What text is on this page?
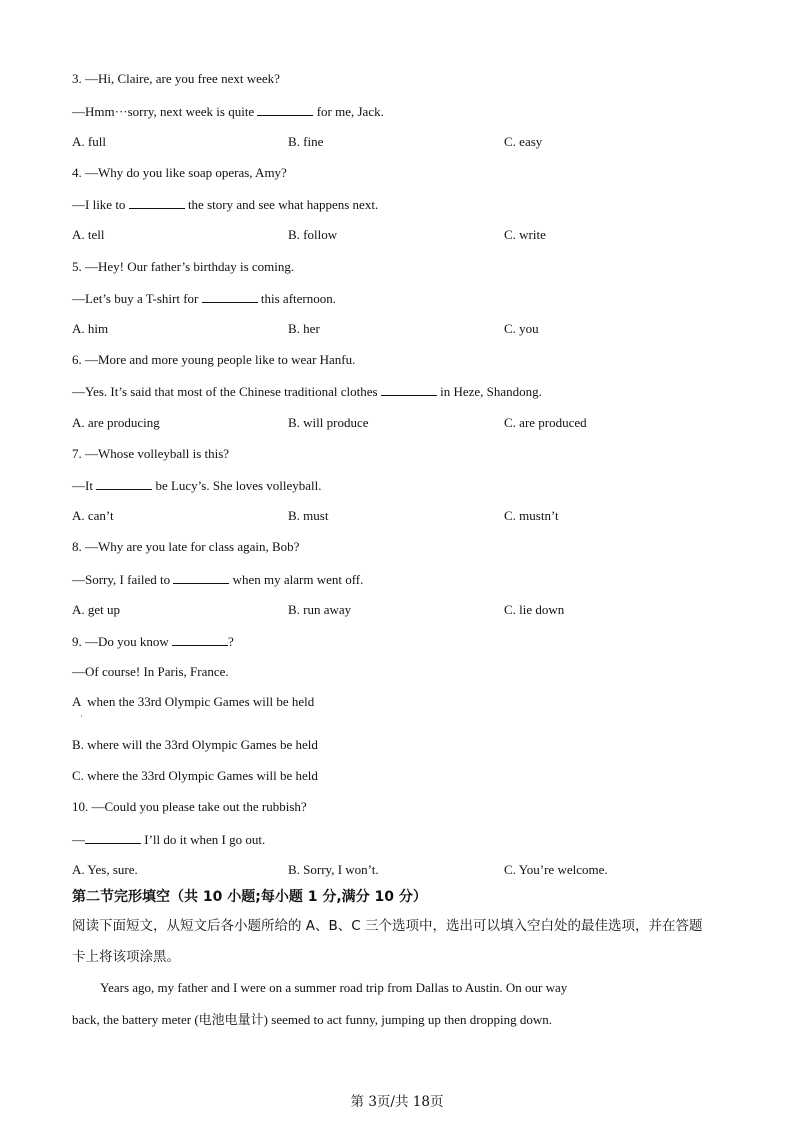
3. —Hi, Claire, are you free next week?
—Hmm···sorry, next week is quite	for me, Jack.
A. full	B. fine	C. easy
4. —Why do you like soap operas, Amy?
—I like to	the story and see what happens next.
A. tell	B. follow	C. write
5. —Hey! Our father’s birthday is coming.
—Let’s buy a T-shirt for	this afternoon.
A. him	B. her	C. you
6. —More and more young people like to wear Hanfu.
—Yes. It’s said that most of the Chinese traditional clothes	in Heze, Shandong.
A. are producing	B. will produce	C. are produced
7. —Whose volleyball is this?
—It	be Lucy’s. She loves volleyball.
A. can’t	B. must	C. mustn’t
8. —Why are you late for class again, Bob?
—Sorry, I failed to	when my alarm went off.
A. get up	B. run away	C. lie down
9. —Do you know	?
—Of course! In Paris, France.
A  when the 33rd Olympic Games will be held
·
B. where will the 33rd Olympic Games be held
C. where the 33rd Olympic Games will be held
10. —Could you please take out the rubbish?
—	I’ll do it when I go out.
A. Yes, sure.	B. Sorry, I won’t.	C. You’re welcome.
第二节完形填空（共 10 小题;每小题 1 分,满分 10 分）
阅读下面短文，从短文后各小题所给的 A、B、C 三个选项中，选出可以填入空白处的最佳选项，并在答题
卡上将该项涂黑。
Years ago, my father and I were on a summer road trip from Dallas to Austin. On our way
back, the battery meter (电池电量计) seemed to act funny, jumping up then dropping down.
第 3页/共 18页
